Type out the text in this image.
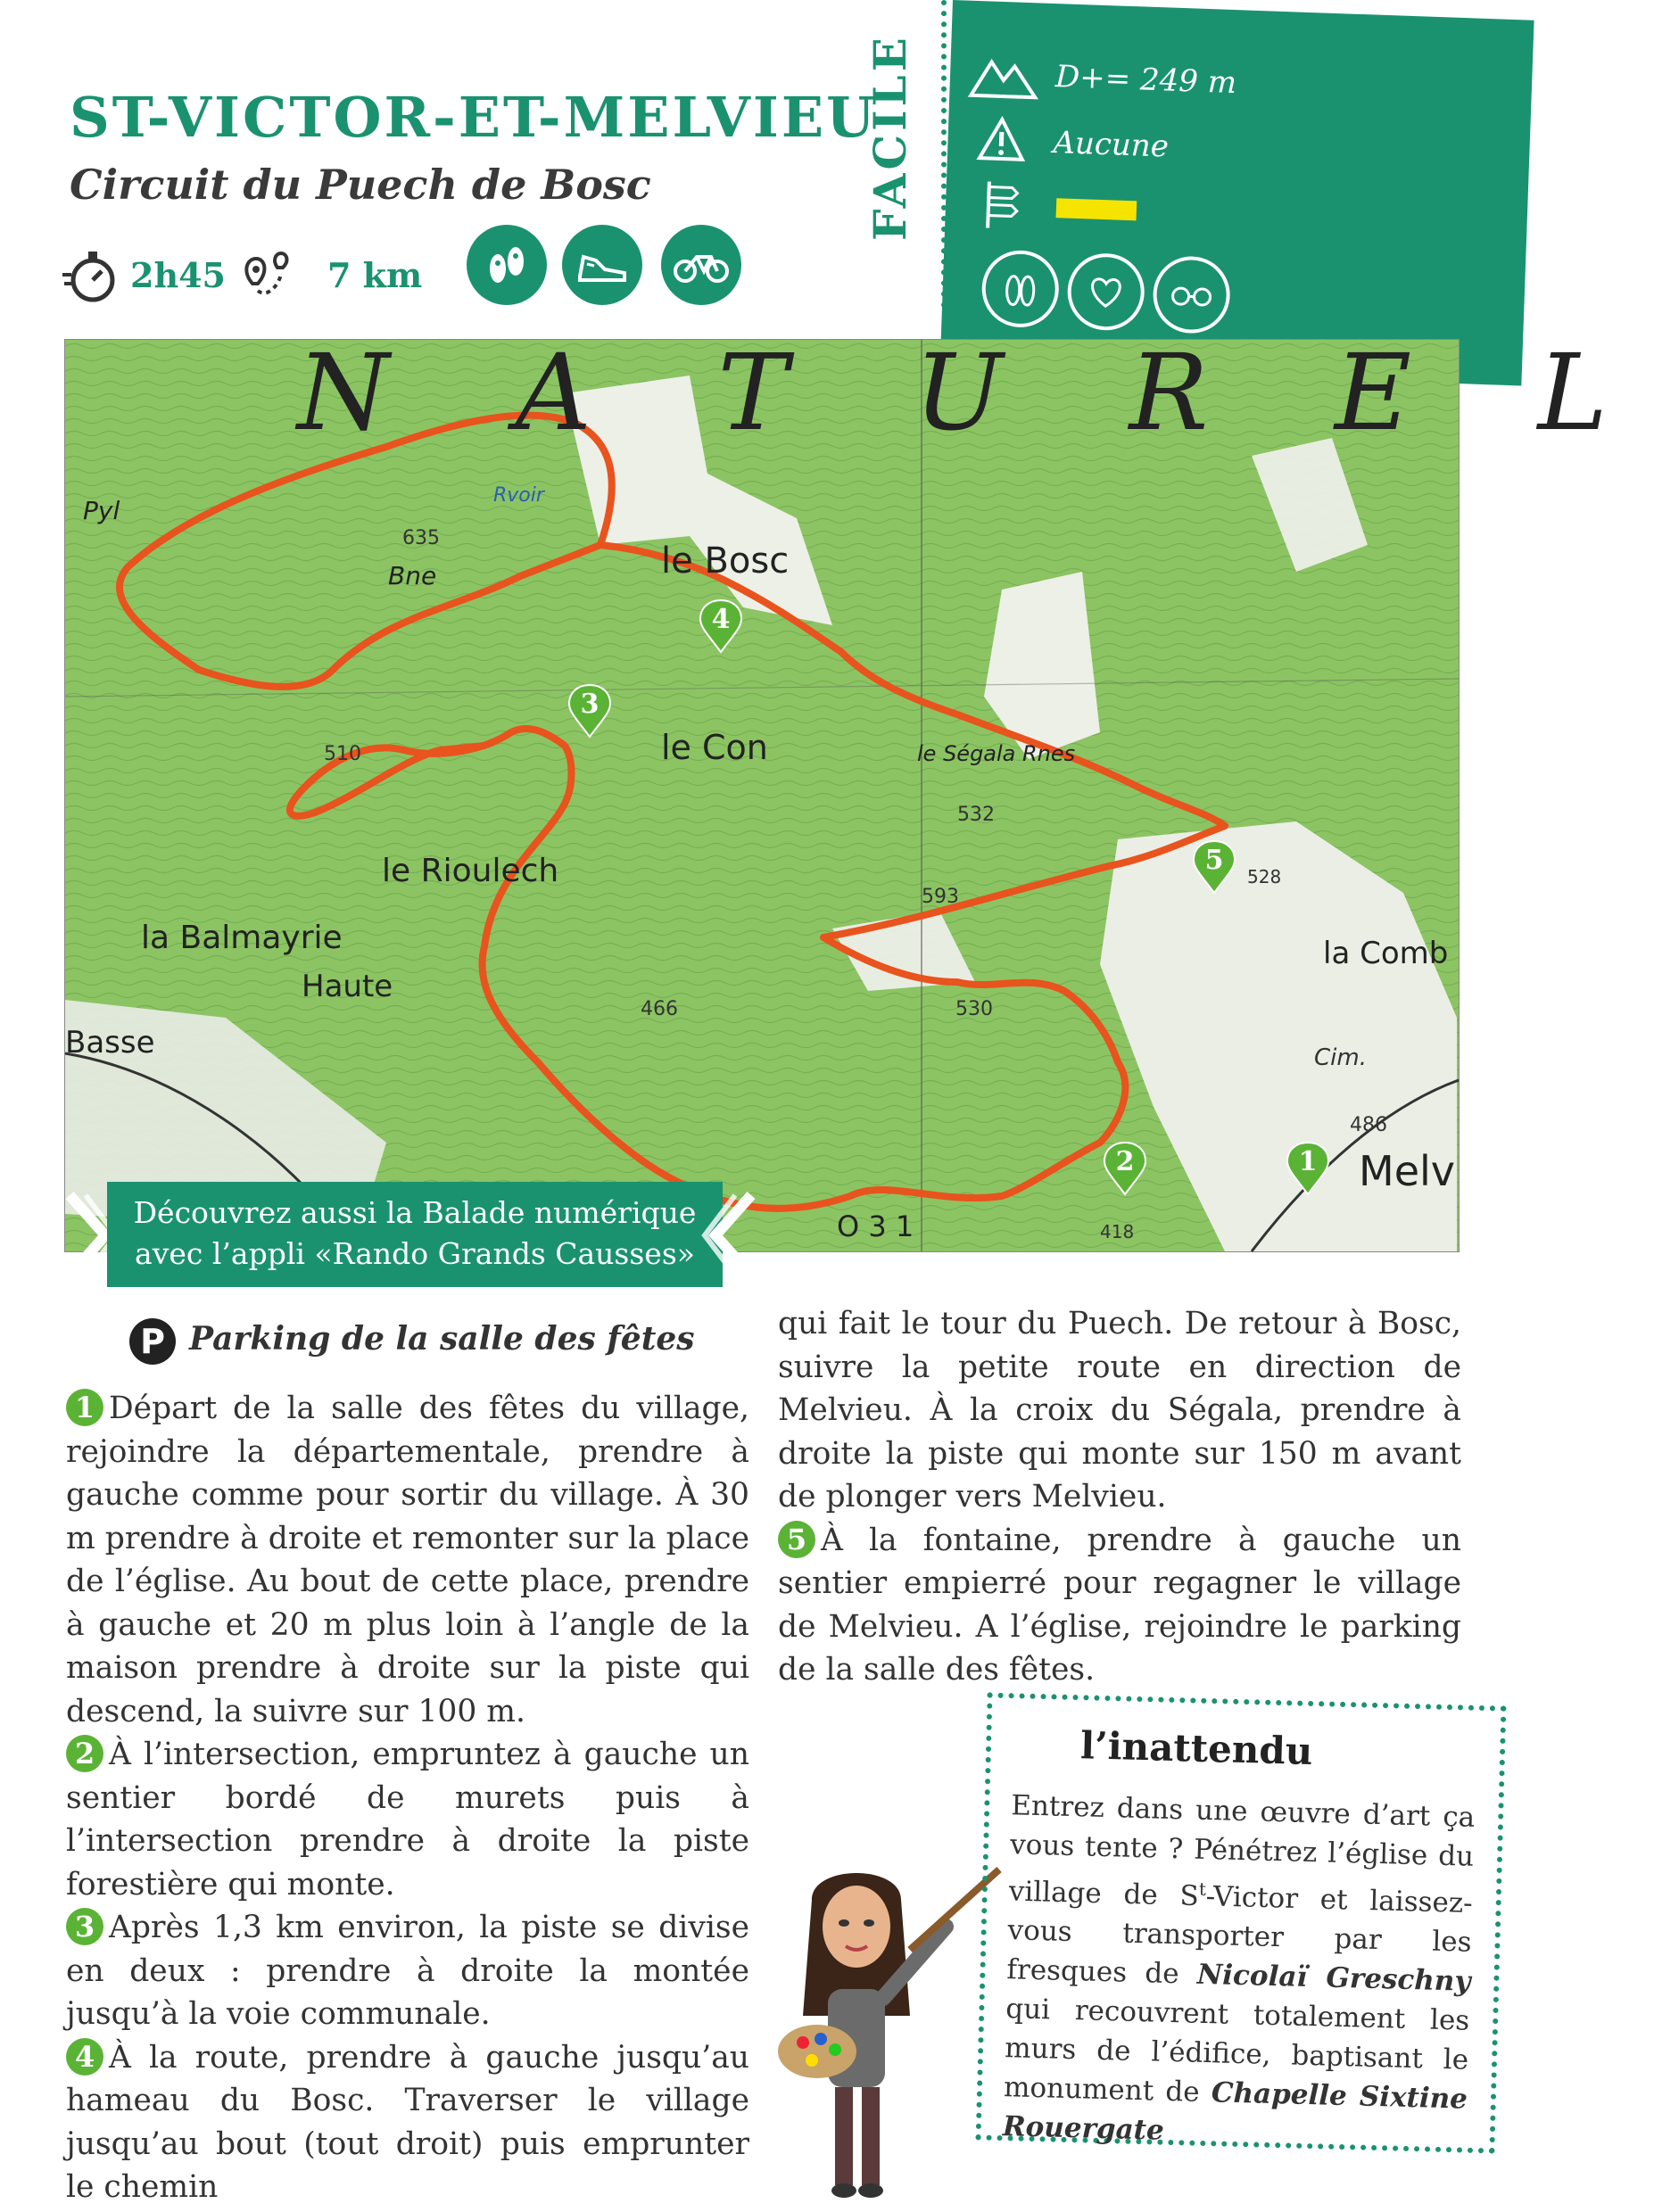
ST-VICTOR-ET-MELVIEU
Circuit du Puech de Bosc
2h45	7 km
FACILE	D+= 249 m
Aucune
N A T U R E L
le Bosc
le Con
le Rioulech
la Balmayrie
Haute
Basse
la Comb
Melv
le Ségala Rnes
Bne
Pyl
Rvoir
635
510
532
593
466	530
418
528
486
Cim.
O 3 1
1
2
3
4
5
Découvrez aussi la Balade numérique
avec l’appli «Rando Grands Causses»
P Parking de la salle des fêtes

1 Départ de la salle des fêtes du village, rejoindre la départementale, prendre à gauche comme pour sortir du village. À 30 m prendre à droite et remonter sur la place de l’église. Au bout de cette place, prendre à gauche et 20 m plus loin à l’angle de la maison prendre à droite sur la piste qui descend, la suivre sur 100 m.

2 À l’intersection, empruntez à gauche un sentier bordé de murets puis à l’intersection prendre à droite la piste forestière qui monte.

3 Après 1,3 km environ, la piste se divise en deux : prendre à droite la montée jusqu’à la voie communale.

4 À la route, prendre à gauche jusqu’au hameau du Bosc. Traverser le village jusqu’au bout (tout droit) puis emprunter le chemin

qui fait le tour du Puech. De retour à Bosc, suivre la petite route en direction de Melvieu. À la croix du Ségala, prendre à droite la piste qui monte sur 150 m avant de plonger vers Melvieu.

5 À la fontaine, prendre à gauche un sentier empierré pour regagner le village de Melvieu. A l’église, rejoindre le parking de la salle des fêtes.

l’inattendu
Entrez dans une œuvre d’art ça vous tente ? Pénétrez l’église du village de $S^t$-Victor et laissez-vous transporter par les fresques de Nicolaï Greschny qui recouvrent totalement les murs de l’édifice, baptisant le monument de Chapelle Sixtine Rouergate
